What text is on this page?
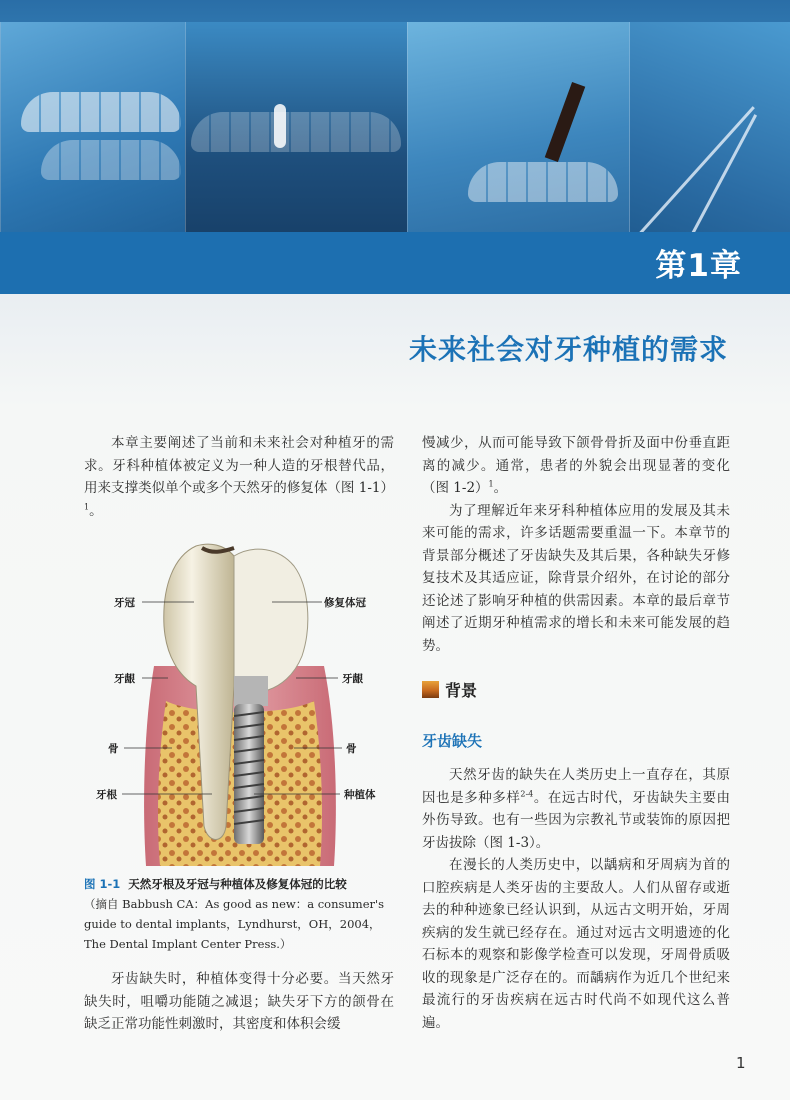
第1章
未来社会对牙种植的需求

本章主要阐述了当前和未来社会对种植牙的需求。牙科种植体被定义为一种人造的牙根替代品，用来支撑类似单个或多个天然牙的修复体（图 1-1）$^1$。

牙冠	修复体冠
牙龈	牙龈
骨	骨
牙根	种植体
图 1-1 天然牙根及牙冠与种植体及修复体冠的比较
（摘自 Babbush CA：As good as new：a consumer's guide to dental implants，Lyndhurst，OH，2004，The Dental Implant Center Press.）

牙齿缺失时，种植体变得十分必要。当天然牙缺失时，咀嚼功能随之减退；缺失牙下方的颌骨在缺乏正常功能性刺激时，其密度和体积会缓

慢减少，从而可能导致下颌骨骨折及面中份垂直距离的减少。通常，患者的外貌会出现显著的变化（图 1-2）$^1$。

为了理解近年来牙科种植体应用的发展及其未来可能的需求，许多话题需要重温一下。本章节的背景部分概述了牙齿缺失及其后果，各种缺失牙修复技术及其适应证，除背景介绍外，在讨论的部分还论述了影响牙种植的供需因素。本章的最后章节阐述了近期牙种植需求的增长和未来可能发展的趋势。

背景
牙齿缺失

天然牙齿的缺失在人类历史上一直存在，其原因也是多种多样$^{2-4}$。在远古时代，牙齿缺失主要由外伤导致。也有一些因为宗教礼节或装饰的原因把牙齿拔除（图 1-3）。

在漫长的人类历史中，以龋病和牙周病为首的口腔疾病是人类牙齿的主要敌人。人们从留存或逝去的种种迹象已经认识到，从远古文明开始，牙周疾病的发生就已经存在。通过对远古文明遗迹的化石标本的观察和影像学检查可以发现，牙周骨质吸收的现象是广泛存在的。而龋病作为近几个世纪来最流行的牙齿疾病在远古时代尚不如现代这么普遍。

1
